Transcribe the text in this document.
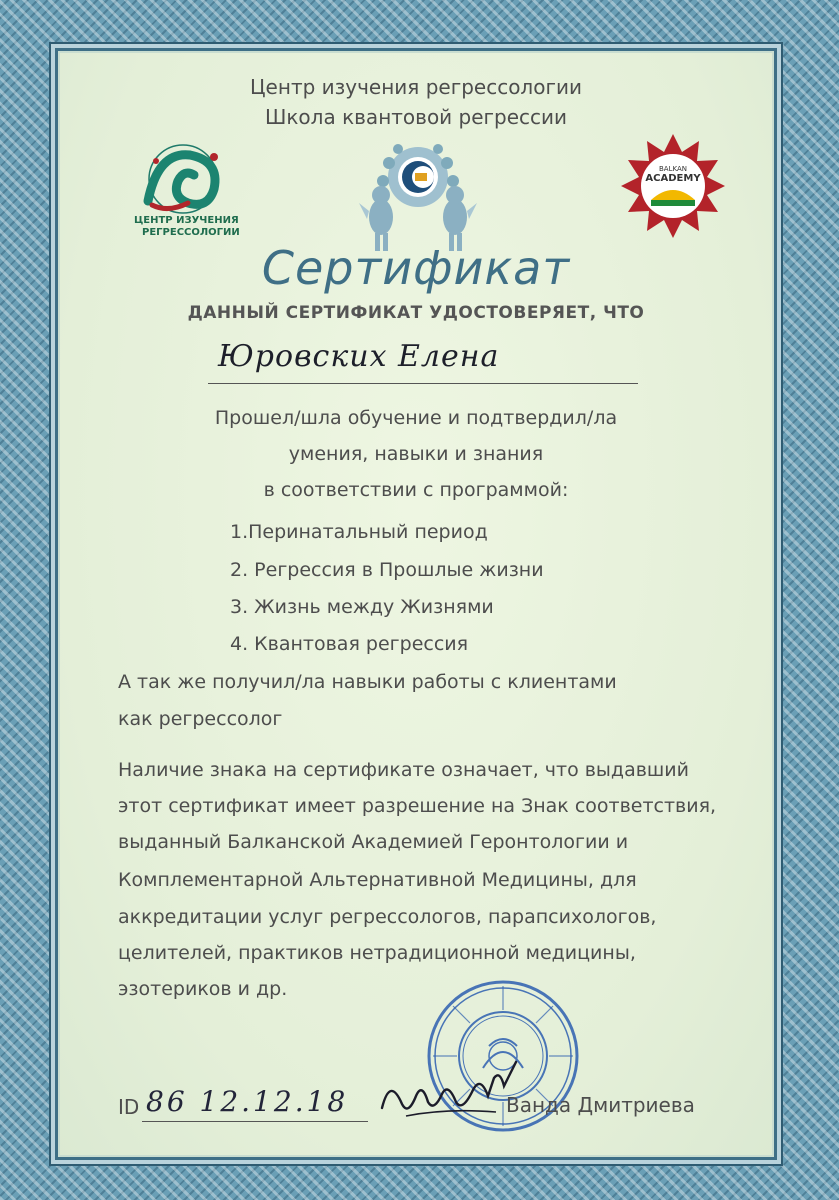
Центр изучения регрессологии
Школа квантовой регрессии
ЦЕНТР ИЗУЧЕНИЯ
РЕГРЕССОЛОГИИ
BALKAN
ACADEMY
Сертификат
ДАННЫЙ СЕРТИФИКАТ УДОСТОВЕРЯЕТ, ЧТО
Юровских Елена
Прошел/шла обучение и подтвердил/ла
умения, навыки и знания
в соответствии с программой:
1.Перинатальный период
2. Регрессия в Прошлые жизни
3. Жизнь между Жизнями
4. Квантовая регрессия
А так же получил/ла навыки работы с клиентами
как регрессолог
Наличие знака на сертификате означает, что выдавший
этот сертификат имеет разрешение на Знак соответствия,
выданный Балканской Академией Геронтологии и
Комплементарной Альтернативной Медицины, для
аккредитации услуг регрессологов, парапсихологов,
целителей, практиков нетрадиционной медицины,
эзотериков и др.
ID 86 12.12.18	Ванда Дмитриева
